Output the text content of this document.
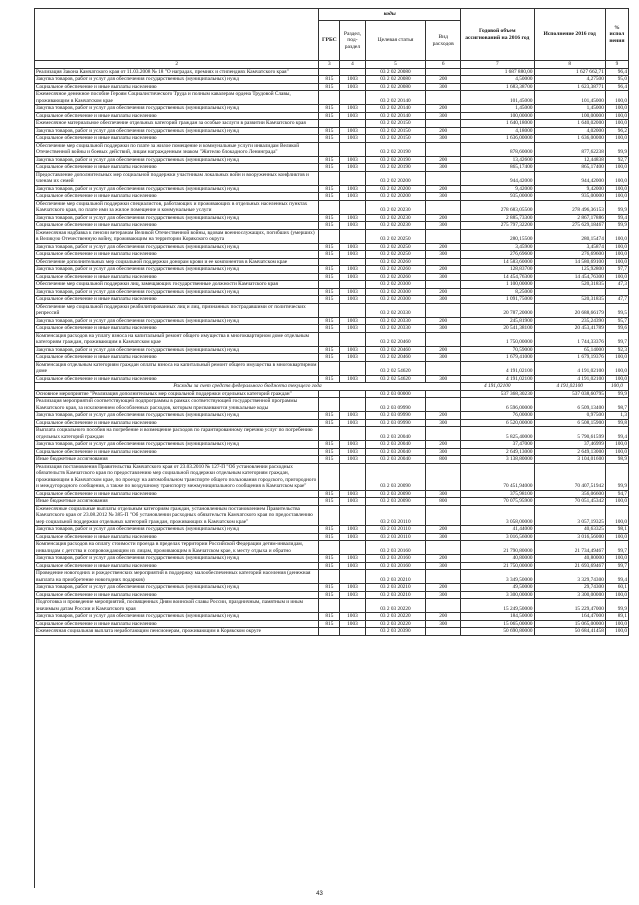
	коды				Годовой объем ассигнований на 2016 год	Исполнение 2016 год	% испол нения
	ГРБС	Раздел, под-раздел	Целевая статья	Вид расходов			
2	3	4	5	6	7	8	9
Реализация Закона Камчатского края от 11.03.2008 № 18 "О наградах, премиях и стипендиях Камчатского края"			03 2 02 20080		1 687 880,00	1 627 662,71	96,4
Закупка товаров, работ и услуг для обеспечения государственных (муниципальных) нужд	815	1003	03 2 02 20080	200	4,50000	4,27500	95,0
Социальное обеспечение и иные выплаты населению	815	1003	03 2 02 20080	300	1 683,38700	1 623,38771	96,4
Ежемесячное денежное пособие Героям Социалистического Труда и полным кавалерам ордена Трудовой Славы, проживающим в Камчатском крае			03 2 02 20140		101,45000	101,45000	100,0
Закупка товаров, работ и услуг для обеспечения государственных (муниципальных) нужд	815	1003	03 2 02 20140	200	1,45000	1,45000	100,0
Социальное обеспечение и иные выплаты населению	815	1003	03 2 02 20140	300	100,00000	100,00000	100,0
Ежемесячное материальное обеспечение отдельных категорий граждан за особые заслуги в развитии Камчатского края			03 2 02 20150		1 640,18000	1 640,02000	100,0
Закупка товаров, работ и услуг для обеспечения государственных (муниципальных) нужд	815	1003	03 2 02 20150	200	4,18000	4,02000	96,2
Социальное обеспечение и иные выплаты населению	815	1003	03 2 02 20150	300	1 636,00000	1 636,00000	100,0
Обеспечение мер социальной поддержки по плате за жилое помещение и коммунальные услуги инвалидам Великой Отечественной войны и боевых действий, лицам награжденным знаком "Жителю блокадного Ленинграда"			03 2 02 20190		878,60000	877,62238	99,9
Закупка товаров, работ и услуг для обеспечения государственных (муниципальных) нужд	815	1003	03 2 02 20190	200	13,42600	12,44838	92,7
Социальное обеспечение и иные выплаты населению	815	1003	03 2 02 20190	300	865,17400	865,17400	100,0
Предоставление дополнительных мер социальной поддержки участникам локальных войн и вооруженных конфликтов и членам их семей			03 2 02 20200		944,42000	944,42000	100,0
Закупка товаров, работ и услуг для обеспечения государственных (муниципальных) нужд	815	1003	03 2 02 20200	200	9,42000	9,42000	100,0
Социальное обеспечение и иные выплаты населению	815	1003	03 2 02 20200	300	935,00000	935,00000	100,0
Обеспечение мер социальной поддержки специалистов, работающих и проживающих в отдельных населенных пунктах Камчатского края, по плате ими за жилое помещение и коммунальные услуги			03 2 02 20230		278 683,05500	278 496,36153	99,9
Закупка товаров, работ и услуг для обеспечения государственных (муниципальных) нужд	815	1003	03 2 02 20230	200	2 885,73300	2 867,17886	99,4
Социальное обеспечение и иные выплаты населению	815	1003	03 2 02 20230	300	275 797,32200	275 629,18467	99,9
Ежемесячная надбавка к пенсии ветеранам Великой Отечественной войны, вдовам военнослужащих, погибших (умерших) в Великую Отечественную войну, проживающим на территории Корякского округа			03 2 02 20250		280,15500	280,15474	100,0
Закупка товаров, работ и услуг для обеспечения государственных (муниципальных) нужд	815	1003	03 2 02 20250	200	3,45900	3,45874	100,0
Социальное обеспечение и иные выплаты населению	815	1003	03 2 02 20250	300	276,69600	276,69600	100,0
Обеспечение дополнительных мер социальной поддержки донорам крови и ее компонентов в Камчатском крае			03 2 02 20260		14 583,60000	14 580,69100	100,0
Закупка товаров, работ и услуг для обеспечения государственных (муниципальных) нужд	815	1003	03 2 02 20260	200	128,83700	125,92800	97,7
Социальное обеспечение и иные выплаты населению	815	1003	03 2 02 20260	300	14 454,76300	14 454,76300	100,0
Обеспечение мер социальной поддержки лиц, замещающих государственные должности Камчатского края			03 2 02 20300		1 100,00000	520,31835	47,3
Закупка товаров, работ и услуг для обеспечения государственных (муниципальных) нужд	815	1003	03 2 02 20300	200	8,25000		
Социальное обеспечение и иные выплаты населению	815	1003	03 2 02 20300	300	1 091,75000	520,31835	47,7
Обеспечение мер социальной поддержки реабилитированных лиц и лиц, признанных пострадавшими от политических репрессий			03 2 02 20330		20 787,20000	20 688,66179	99,5
Закупка товаров, работ и услуг для обеспечения государственных (муниципальных) нужд	815	1003	03 2 02 20330	200	245,81900	235,24390	95,7
Социальное обеспечение и иные выплаты населению	815	1003	03 2 02 20330	300	20 541,38100	20 453,41789	99,6
Компенсация расходов на уплату взноса на капитальный ремонт общего имущества в многоквартирном доме отдельным категориям граждан, проживающим в Камчатском крае			03 2 02 20460		1 750,00000	1 744,33376	99,7
Закупка товаров, работ и услуг для обеспечения государственных (муниципальных) нужд	815	1003	03 2 02 20460	200	70,59000	65,14000	92,3
Социальное обеспечение и иные выплаты населению	815	1003	03 2 02 20460	300	1 679,41000	1 679,19376	100,0
Компенсация отдельным категориям граждан оплаты взноса на капитальный ремонт общего имущества в многоквартирном доме			03 2 02 54620		4 191,02100	4 191,02100	100,0
Социальное обеспечение и иные выплаты населению	815	1003	03 2 02 54620	300	4 191,02100	4 191,02100	100,0
Расходы за счет средств федерального бюджета текущего года					4 191,02100	4 191,02100	100,0
Основное мероприятие "Реализация дополнительных мер социальной поддержки отдельных категорий граждан"			03 2 03 00000		537 368,30230	537 038,60795	99,9
Реализация мероприятий соответствующей подпрограммы в рамках соответствующей государственной программы Камчатского края, за исключением обособленных расходов, которым присваиваются уникальные коды			03 2 03 09990		6 596,00000	6 509,13400	98,7
Закупка товаров, работ и услуг для обеспечения государственных (муниципальных) нужд	815	1003	03 2 03 09990	200	76,00000	0,97500	1,3
Социальное обеспечение и иные выплаты населению	815	1003	03 2 03 09990	300	6 520,00000	6 508,15900	99,8
Выплата социального пособия на погребение и возмещение расходов по гарантированному перечню услуг по погребению отдельных категорий граждан			03 2 03 20040		5 825,40000	5 790,61599	99,4
Закупка товаров, работ и услуг для обеспечения государственных (муниципальных) нужд	815	1003	03 2 03 20040	200	37,47000	37,46999	100,0
Социальное обеспечение и иные выплаты населению	815	1003	03 2 03 20040	300	2 649,13000	2 649,13000	100,0
Иные бюджетные ассигнования	815	1003	03 2 03 20040	800	3 138,80000	3 104,01600	98,9
Реализация постановления Правительства Камчатского края от 23.03.2010 № 127-П "Об установлении расходных обязательств Камчатского края по предоставлению мер социальной поддержки отдельным категориям граждан, проживающим в Камчатском крае, по проезду на автомобильном транспорте общего пользования городского, пригородного и междугородного сообщения, а также по воздушному транспорту межмуниципального сообщения в Камчатском крае"			03 2 03 20090		70 451,94000	70 407,51942	99,9
Социальное обеспечение и иные выплаты населению	815	1003	03 2 03 20090	300	375,98100	356,06600	94,7
Иные бюджетные ассигнования	815	1003	03 2 03 20090	800	70 075,95900	70 051,45342	100,0
Ежемесячные социальные выплаты отдельным категориям граждан, установленным постановлением Правительства Камчатского края от 23.08.2012 № 385-П "Об установлении расходных обязательств Камчатского края по предоставлению мер социальной поддержки отдельных категорий граждан, проживающих в Камчатском крае"			03 2 03 20110		3 058,00000	3 057,19325	100,0
Закупка товаров, работ и услуг для обеспечения государственных (муниципальных) нужд	815	1003	03 2 03 20110	200	41,44000	40,63325	98,1
Социальное обеспечение и иные выплаты населению	815	1003	03 2 03 20110	300	3 016,56000	3 016,56000	100,0
Компенсация расходов на оплату стоимости проезда в пределах территории Российской Федерации детям-инвалидам, инвалидам с детства и сопровождающим их лицам, проживающим в Камчатском крае, к месту отдыха и обратно			03 2 03 20160		21 790,80000	21 734,49467	99,7
Закупка товаров, работ и услуг для обеспечения государственных (муниципальных) нужд	815	1003	03 2 03 20160	200	40,80000	40,80000	100,0
Социальное обеспечение и иные выплаты населению	815	1003	03 2 03 20160	300	21 750,00000	21 693,69467	99,7
Проведение новогодних и рождественских мероприятий в поддержку малообеспеченных категорий населения (денежная выплата на приобретение новогодних подарков)			03 2 03 20210		3 349,50000	3 329,74300	99,4
Закупка товаров, работ и услуг для обеспечения государственных (муниципальных) нужд	815	1003	03 2 03 20210	200	49,50000	29,74300	60,1
Социальное обеспечение и иные выплаты населению	815	1003	03 2 03 20210	300	3 300,00000	3 300,00000	100,0
Подготовка и проведение мероприятий, посвященных Дням воинской славы России, праздничным, памятным и иным значимым датам России и Камчатского края			03 2 03 20220		15 249,50000	15 229,47000	99,9
Закупка товаров, работ и услуг для обеспечения государственных (муниципальных) нужд	815	1003	03 2 03 20220	200	184,50000	164,47000	89,1
Социальное обеспечение и иные выплаты населению	815	1003	03 2 03 20220	300	15 065,00000	15 065,00000	100,0
Ежемесячная социальная выплата неработающим пенсионерам, проживающим в Корякском округе			03 2 03 20390		50 690,80000	50 684,41458	100,0
43
